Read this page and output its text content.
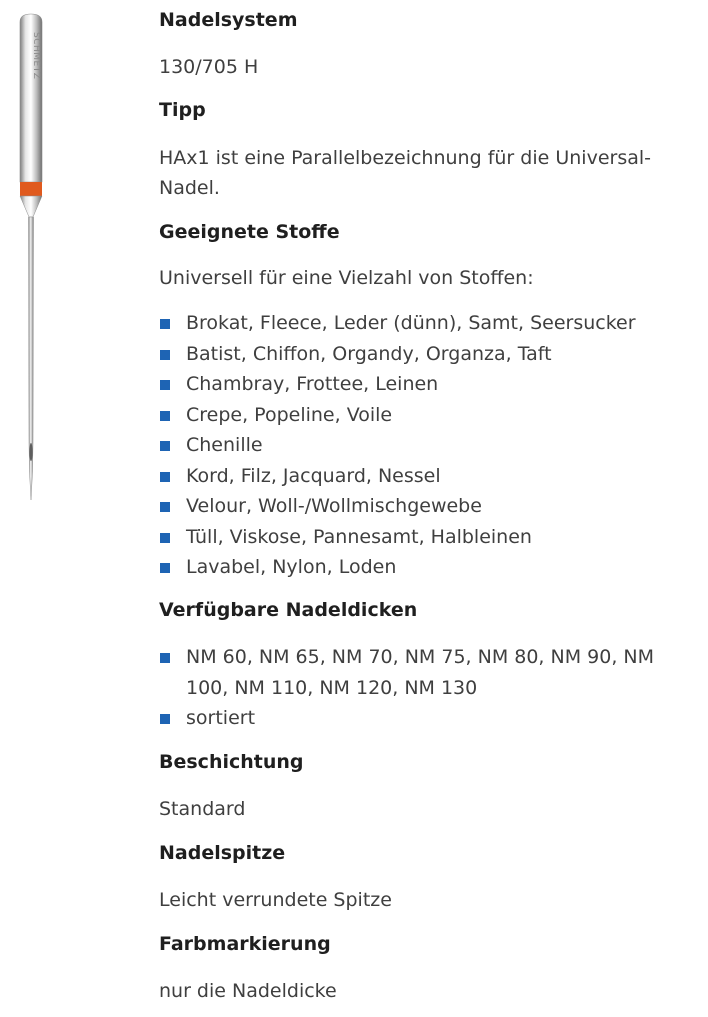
SCHMETZ
Nadelsystem

130/705 H

Tipp

HAx1 ist eine Parallelbezeichnung für die Universal-Nadel.

Geeignete Stoffe

Universell für eine Vielzahl von Stoffen:

Brokat, Fleece, Leder (dünn), Samt, Seersucker
Batist, Chiffon, Organdy, Organza, Taft
Chambray, Frottee, Leinen
Crepe, Popeline, Voile
Chenille
Kord, Filz, Jacquard, Nessel
Velour, Woll-/Wollmischgewebe
Tüll, Viskose, Pannesamt, Halbleinen
Lavabel, Nylon, Loden
Verfügbare Nadeldicken
NM 60, NM 65, NM 70, NM 75, NM 80, NM 90, NM 100, NM 110, NM 120, NM 130
sortiert
Beschichtung

Standard

Nadelspitze

Leicht verrundete Spitze

Farbmarkierung

nur die Nadeldicke
